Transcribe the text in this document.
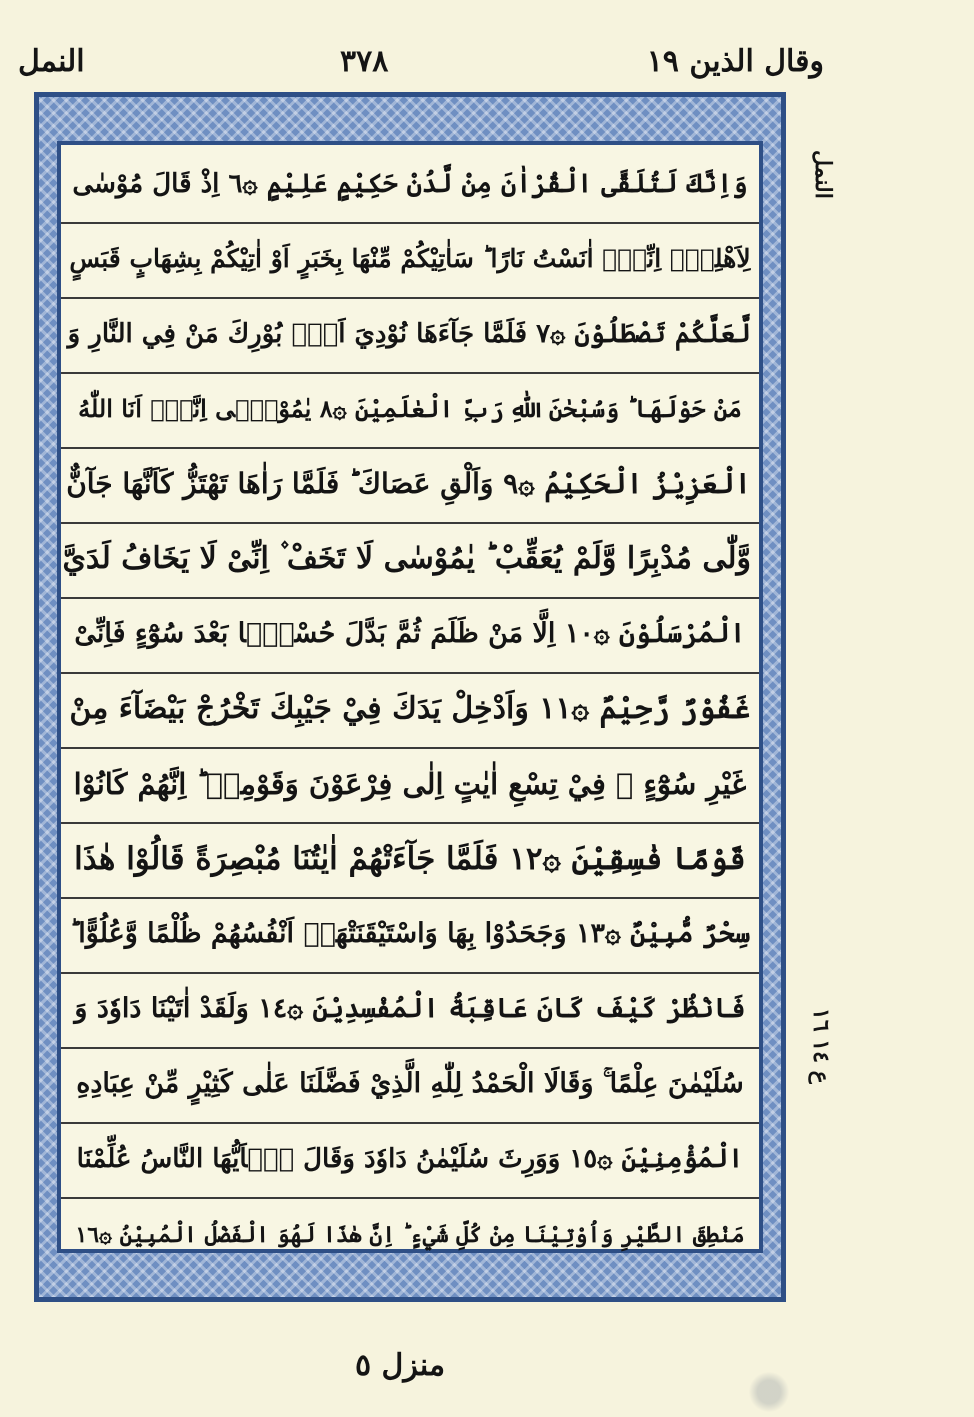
وقال الذين ١٩
٣٧٨
النمل
وَاِنَّكَ لَتُلَقَّى الْقُرْاٰنَ مِنْ لَّدُنْ حَكِيْمٍ عَلِيْمٍ ۞٦ اِذْ قَالَ مُوْسٰى
لِاَهْلِهٖۤ اِنِّیْۤ اٰنَسْتُ نَارًا ؕ سَاٰتِيْكُمْ مِّنْهَا بِخَبَرٍ اَوْ اٰتِيْكُمْ بِشِهَابٍ قَبَسٍ
لَّعَلَّكُمْ تَصْطَلُوْنَ ۞٧ فَلَمَّا جَآءَهَا نُوْدِيَ اَنْۢ بُوْرِكَ مَنْ فِي النَّارِ وَ
مَنْ حَوْلَهَا ؕ وَسُبْحٰنَ اللّٰهِ رَبِّ الْعٰلَمِيْنَ ۞٨ يٰمُوْسٰۤى اِنَّهٗۤ اَنَا اللّٰهُ
الْعَزِيْزُ الْحَكِيْمُ ۞٩ وَاَلْقِ عَصَاكَ ؕ فَلَمَّا رَاٰهَا تَهْتَزُّ كَاَنَّهَا جَآنٌّ
وَّلّٰى مُدْبِرًا وَّلَمْ يُعَقِّبْ ؕ يٰمُوْسٰى لَا تَخَفْ ۫ اِنِّیْ لَا يَخَافُ لَدَيَّ
الْمُرْسَلُوْنَ ۞١٠ اِلَّا مَنْ ظَلَمَ ثُمَّ بَدَّلَ حُسْنًۢا بَعْدَ سُوْٓءٍ فَاِنِّیْ
غَفُوْرٌ رَّحِيْمٌ ۞١١ وَاَدْخِلْ يَدَكَ فِيْ جَيْبِكَ تَخْرُجْ بَيْضَآءَ مِنْ
غَيْرِ سُوْٓءٍ ۫ فِيْ تِسْعِ اٰيٰتٍ اِلٰى فِرْعَوْنَ وَقَوْمِهٖ ؕ اِنَّهُمْ كَانُوْا
قَوْمًا فٰسِقِيْنَ ۞١٢ فَلَمَّا جَآءَتْهُمْ اٰيٰتُنَا مُبْصِرَةً قَالُوْا هٰذَا
سِحْرٌ مُّبِيْنٌ ۞١٣ وَجَحَدُوْا بِهَا وَاسْتَيْقَنَتْهَاۤ اَنْفُسُهُمْ ظُلْمًا وَّعُلُوًّا ؕ
فَانْظُرْ كَيْفَ كَانَ عَاقِبَةُ الْمُفْسِدِيْنَ ۞١٤ وَلَقَدْ اٰتَيْنَا دَاوٗدَ وَ
سُلَيْمٰنَ عِلْمًا ۚ وَقَالَا الْحَمْدُ لِلّٰهِ الَّذِيْ فَضَّلَنَا عَلٰى كَثِيْرٍ مِّنْ عِبَادِهِ
الْمُؤْمِنِيْنَ ۞١٥ وَوَرِثَ سُلَيْمٰنُ دَاوٗدَ وَقَالَ يٰۤاَيُّهَا النَّاسُ عُلِّمْنَا
مَنْطِقَ الطَّيْرِ وَاُوْتِيْنَا مِنْ كُلِّ شَيْءٍ ؕ اِنَّ هٰذَا لَهُوَ الْفَضْلُ الْمُبِيْنُ ۞١٦
النمل
ع ١٤ ١٦
منزل ٥
